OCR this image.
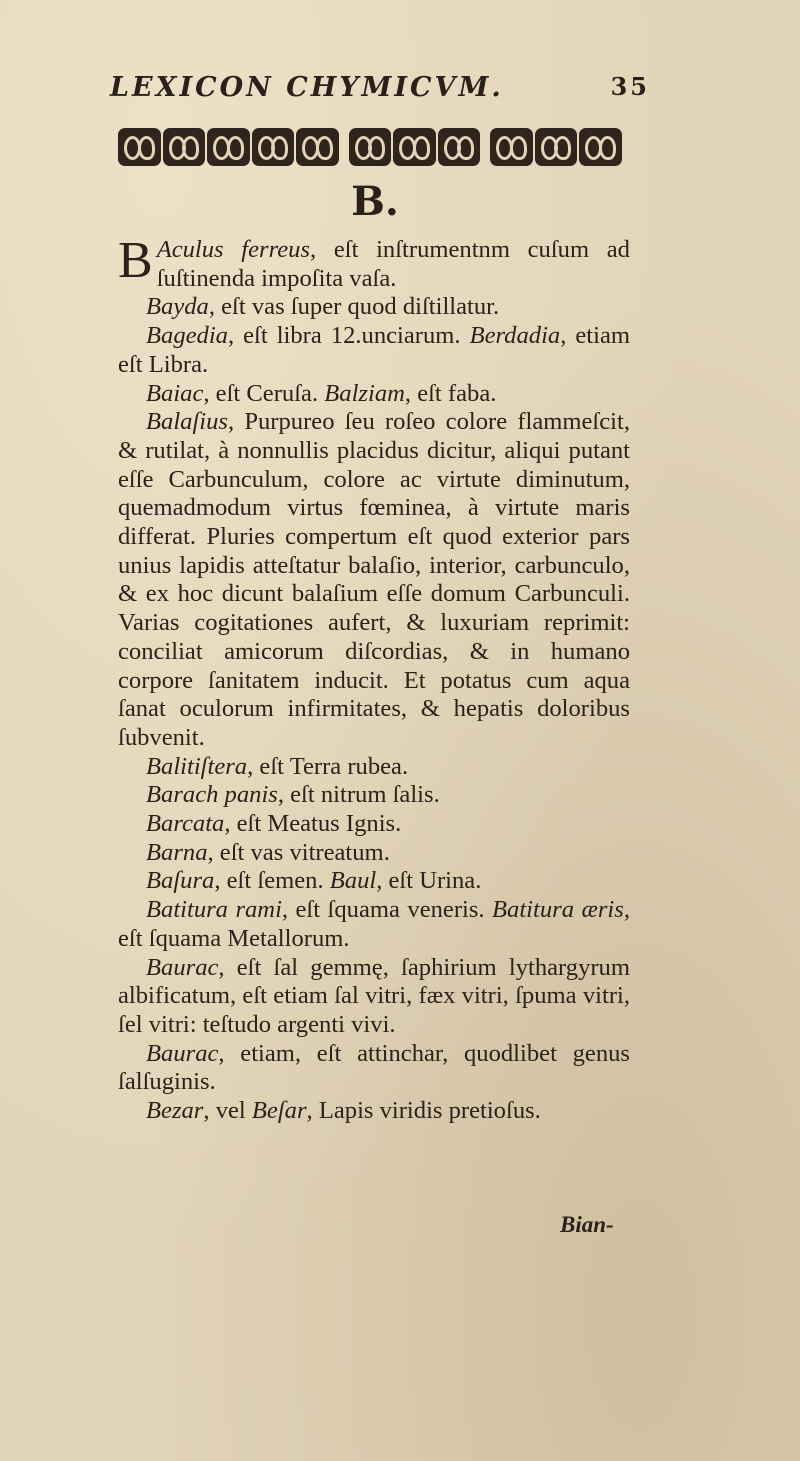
LEXICON CHYMICVM.	35
B.

B Aculus ferreus, eſt inſtrumentnm cuſum ad ſuſtinenda impoſita vaſa.

Bayda, eſt vas ſuper quod diſtillatur.

Bagedia, eſt libra 12.unciarum. Berdadia, etiam eſt Libra.

Baiac, eſt Ceruſa. Balziam, eſt faba.

Balaſius, Purpureo ſeu roſeo colore flammeſcit, & rutilat, à nonnullis placidus dicitur, aliqui putant eſſe Carbunculum, colore ac virtute diminutum, quemadmodum virtus fœminea, à virtute maris differat. Pluries compertum eſt quod exterior pars unius lapidis atteſtatur balaſio, interior, carbunculo, & ex hoc dicunt balaſium eſſe domum Carbunculi. Varias cogitationes aufert, & luxuriam reprimit: conciliat amicorum diſcordias, & in humano corpore ſanitatem inducit. Et potatus cum aqua ſanat oculorum infirmitates, & hepatis doloribus ſubvenit.

Balitiſtera, eſt Terra rubea.

Barach panis, eſt nitrum ſalis.

Barcata, eſt Meatus Ignis.

Barna, eſt vas vitreatum.

Baſura, eſt ſemen. Baul, eſt Urina.

Batitura rami, eſt ſquama veneris. Batitura æris, eſt ſquama Metallorum.

Baurac, eſt ſal gemmę, ſaphirium lythargyrum albificatum, eſt etiam ſal vitri, fæx vitri, ſpuma vitri, ſel vitri: teſtudo argenti vivi.

Baurac, etiam, eſt attinchar, quodlibet genus ſalſuginis.

Bezar, vel Beſar, Lapis viridis pretioſus.

Bian-
